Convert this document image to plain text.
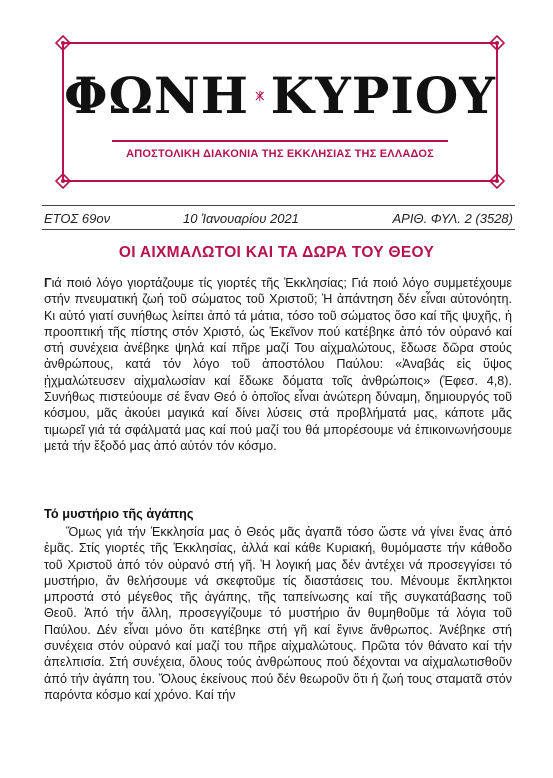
ΦΩΝΗ Α Ω ΚΥΡΙΟΥ
ΑΠΟΣΤΟΛΙΚΗ ΔΙΑΚΟΝΙΑ ΤΗΣ ΕΚΚΛΗΣΙΑΣ ΤΗΣ ΕΛΛΑΔΟΣ
ΕΤΟΣ 69ον	10 Ἰανουαρίου 2021	ΑΡΙΘ. ΦΥΛ. 2 (3528)
ΟΙ ΑΙΧΜΑΛΩΤΟΙ ΚΑΙ ΤΑ ΔΩΡΑ ΤΟΥ ΘΕΟΥ
Γιά ποιό λόγο γιορτάζουμε τίς γιορτές τῆς Ἐκκλησίας; Γιά ποιό λόγο συμμετέχουμε στήν πνευματική ζωή τοῦ σώματος τοῦ Χριστοῦ; Ἡ ἀπάντηση δέν εἶναι αὐτονόητη. Κι αὐτό γιατί συνήθως λείπει ἀπό τά μάτια, τόσο τοῦ σώματος ὅσο καί τῆς ψυχῆς, ἡ προοπτική τῆς πίστης στόν Χριστό, ὡς Ἐκεῖνον πού κατέβηκε ἀπό τόν οὐρανό καί στή συνέχεια ἀνέβηκε ψηλά καί πῆρε μαζί Του αἰχμαλώτους, ἔδωσε δῶρα στούς ἀνθρώπους, κατά τόν λόγο τοῦ ἀποστόλου Παύλου: «Ἀναβάς εἰς ὕψος ᾐχμαλώτευσεν αἰχμαλωσίαν καί ἔδωκε δόματα τοῖς ἀνθρώποις» (Ἐφεσ. 4,8). Συνήθως πιστεύουμε σέ ἕναν Θεό ὁ ὁποῖος εἶναι ἀνώτερη δύναμη, δημιουργός τοῦ κόσμου, μᾶς ἀκούει μαγικά καί δίνει λύσεις στά προβλήματά μας, κάποτε μᾶς τιμωρεῖ γιά τά σφάλματά μας καί πού μαζί του θά μπορέσουμε νά ἐπικοινωνήσουμε μετά τήν ἔξοδό μας ἀπό αὐτόν τόν κόσμο.
Τό μυστήριο τῆς ἀγάπης
Ὅμως γιά τήν Ἐκκλησία μας ὁ Θεός μᾶς ἀγαπᾶ τόσο ὥστε νά γίνει ἕνας ἀπό ἐμᾶς. Στίς γιορτές τῆς Ἐκκλησίας, ἀλλά καί κάθε Κυριακή, θυμόμαστε τήν κάθοδο τοῦ Χριστοῦ ἀπό τόν οὐρανό στή γῆ. Ἡ λογική μας δέν ἀντέχει νά προσεγγίσει τό μυστήριο, ἄν θελήσουμε νά σκεφτοῦμε τίς διαστάσεις του. Μένουμε ἔκπληκτοι μπροστά στό μέγεθος τῆς ἀγάπης, τῆς ταπείνωσης καί τῆς συγκατάβασης τοῦ Θεοῦ. Ἀπό τήν ἄλλη, προσεγγίζουμε τό μυστήριο ἄν θυμηθοῦμε τά λόγια τοῦ Παύλου. Δέν εἶναι μόνο ὅτι κατέβηκε στή γῆ καί ἔγινε ἄνθρωπος. Ἀνέβηκε στή συνέχεια στόν οὐρανό καί μαζί του πῆρε αἰχμαλώτους. Πρῶτα τόν θάνατο καί τήν ἀπελπισία. Στή συνέχεια, ὅλους τούς ἀνθρώπους πού δέχονται να αἰχμαλωτισθοῦν ἀπό τήν ἀγάπη του. Ὅλους ἐκείνους πού δέν θεωροῦν ὅτι ἡ ζωή τους σταματᾶ στόν παρόντα κόσμο καί χρόνο. Καί τήν
